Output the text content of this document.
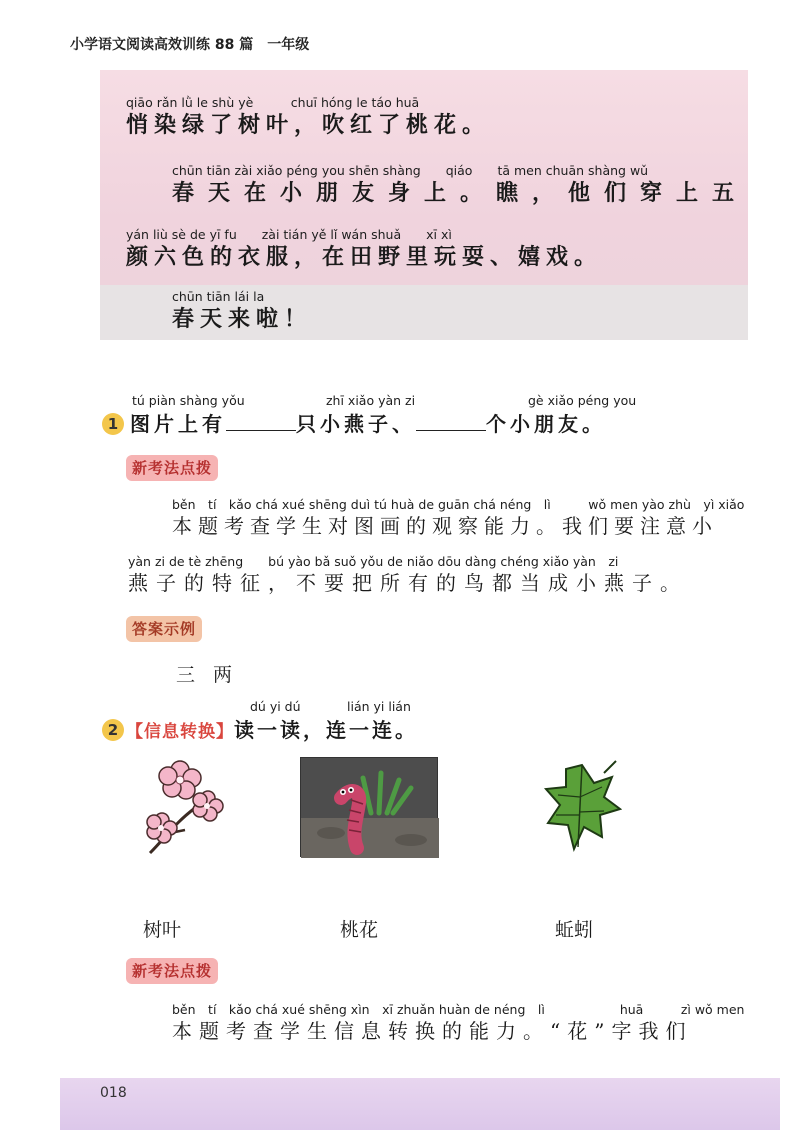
小学语文阅读高效训练 88 篇　一年级
qiāo rǎn lǜ le shù yè　　　chuī hóng le táo huā
悄染绿了树叶，吹红了桃花。
chūn tiān zài xiǎo péng you shēn shàng　　qiáo　　tā men chuān shàng wǔ
春天在小朋友身上。瞧，他们穿上五
yán liù sè de yī fu　　zài tián yě lǐ wán shuǎ　　xī xì
颜六色的衣服，在田野里玩耍、嬉戏。
chūn tiān lái la
春天来啦！
tú piàn shàng yǒu	zhī xiǎo yàn zi	gè xiǎo péng you
1 图片上有	只小燕子、	个小朋友。
新考法点拨
běn　tí　kǎo chá xué shēng duì tú huà de guān chá néng　lì　　　wǒ men yào zhù　yì xiǎo
本题考查学生对图画的观察能力。我们要注意小
yàn zi de tè zhēng　　bú yào bǎ suǒ yǒu de niǎo dōu dàng chéng xiǎo yàn　zi
燕子的特征，不要把所有的鸟都当成小燕子。
答案示例
三两
dú yi dú	lián yi lián
2 【信息转换】读一读，连一连。
树叶	桃花	蚯蚓
新考法点拨
běn　tí　kǎo chá xué shēng xìn　xī zhuǎn huàn de néng　lì　　　　　　huā　　　zì wǒ men
本题考查学生信息转换的能力。“花”字我们
018
